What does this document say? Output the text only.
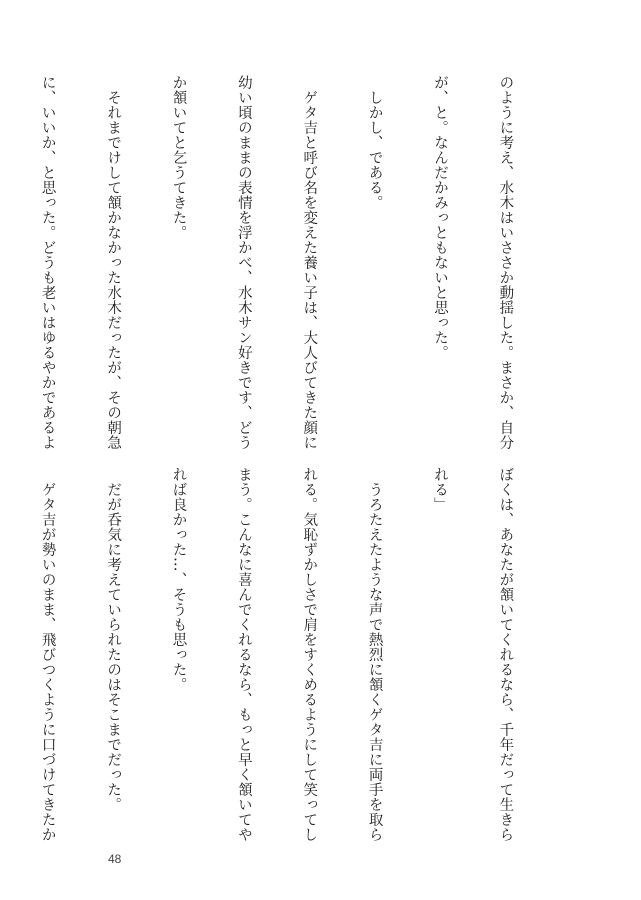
のように考え、水木はいささか動揺した。まさか、自分

が、と。なんだかみっともないと思った。

　しかし、である。

　ゲタ吉と呼び名を変えた養い子は、大人びてきた顔に

幼い頃のままの表情を浮かべ、水木サン好きです、どう

か頷いてと乞うてきた。

　それまでけして頷かなかった水木だったが、その朝急

に、いいか、と思った。どうも老いはゆるやかであるよ

ぼくは、あなたが頷いてくれるなら、千年だって生きら

れる」

　うろたえたような声で熱烈に頷くゲタ吉に両手を取ら

れる。気恥ずかしさで肩をすくめるようにして笑ってし

まう。こんなに喜んでくれるなら、もっと早く頷いてや

れば良かった…、そうも思った。

　だが呑気に考えていられたのはそこまでだった。

　ゲタ吉が勢いのまま、飛びつくように口づけてきたか

48
